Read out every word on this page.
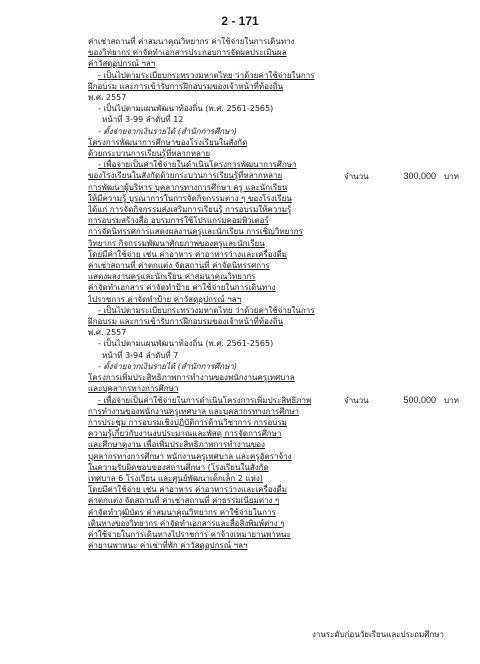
2 - 171
ค่าเช่าสถานที่ ค่าสมนาคุณวิทยากร ค่าใช้จ่ายในการเดินทาง
ของวิทยากร ค่าจัดทำเอกสารประกอบการจัดผลประเมินผล
ค่าวัสดุอุปกรณ์ ฯลฯ
- เป็นไปตามระเบียบกระทรวงมหาดไทย ว่าด้วยค่าใช้จ่ายในการ
ฝึกอบรม และการเข้ารับการฝึกอบรมของเจ้าหน้าที่ท้องถิ่น
พ.ศ. 2557
- เป็นไปตามแผนพัฒนาท้องถิ่น (พ.ศ. 2561-2565)
หน้าที่ 3-99 ลำดับที่ 12
- ตั้งจ่ายจากเงินรายได้ (สำนักการศึกษา)
โครงการพัฒนาการศึกษาของโรงเรียนในสังกัด
ด้วยกระบวนการเรียนรู้ที่หลากหลาย
- เพื่อจ่ายเป็นค่าใช้จ่ายในดำเนินโครงการพัฒนาการศึกษา
ของโรงเรียนในสังกัดด้วยกระบวนการเรียนรู้ที่หลากหลาย
การพัฒนาผู้บริหาร บุคลากรทางการศึกษา ครู และนักเรียน
ให้มีความรู้ บูรณาการในการจัดกิจกรรมต่าง ๆ ของโรงเรียน
ได้แก่ การจัดกิจกรรมส่งเสริมการเรียนรู้ การอบรมให้ความรู้
การอบรมสร้างสื่อ อบรมการใช้โปรแกรมคอมพิวเตอร์
การจัดนิทรรศการแสดงผลงานครูและนักเรียน การเชิญวิทยากร
วิทยากร กิจกรรมพัฒนาศักยภาพของครูและนักเรียน
โดยมีค่าใช้จ่าย เช่น ค่าอาหาร ค่าอาหารว่างและเครื่องดื่ม
ค่าเช่าสถานที่ ค่าตกแต่ง จัดสถานที่ ค่าจัดนิทรรศการ
แสดงผลงานครูและนักเรียน ค่าสมนาคุณวิทยากร
ค่าจัดทำเอกสาร ค่าจัดทำป้าย ค่าใช้จ่ายในการเดินทาง
ไปราชการ ค่าจัดทำป้าย ค่าวัสดุอุปกรณ์ ฯลฯ
- เป็นไปตามระเบียบกระทรวงมหาดไทย ว่าด้วยค่าใช้จ่ายในการ
ฝึกอบรม และการเข้ารับการฝึกอบรมของเจ้าหน้าที่ท้องถิ่น
พ.ศ. 2557
- เป็นไปตามแผนพัฒนาท้องถิ่น (พ.ศ. 2561-2565)
หน้าที่ 3-94 ลำดับที่ 7
- ตั้งจ่ายจากเงินรายได้ (สำนักการศึกษา)
โครงการเพิ่มประสิทธิภาพการทำงานของพนักงานครูเทศบาล
และบุคลากรทางการศึกษา
- เพื่อจ่ายเป็นค่าใช้จ่ายในการดำเนินโครงการเพิ่มประสิทธิภาพ
การทำงานของพนักงานครูเทศบาล และบุคลากรทางการศึกษา
การประชุม การอบรมเชิงปฏิบัติการด้านวิชาการ การอบรม
ความรู้เกี่ยวกับงานงบประมาณและพัสดุ การจัดการศึกษา
และศึกษาดูงาน เพื่อเพิ่มประสิทธิภาพการทำงานของ
บุคลากรทางการศึกษา พนักงานครูเทศบาล และครูอัตราจ้าง
ในความรับผิดชอบของสถานศึกษา (โรงเรียนในสังกัด
เทศบาล 6 โรงเรียน และศูนย์พัฒนาเด็กเล็ก 2 แห่ง)
โดยมีค่าใช้จ่าย เช่น ค่าอาหาร ค่าอาหารว่างและเครื่องดื่ม
ค่าตกแต่ง จัดสถานที่ ค่าเช่าสถานที่ ค่าธรรมเนียมต่าง ๆ
ค่าจัดทำวุฒิบัตร ค่าสมนาคุณวิทยากร ค่าใช้จ่ายในการ
เดินทางของวิทยากร ค่าจัดทำเอกสารและสื่อสิ่งพิมพ์ต่าง ๆ
ค่าใช้จ่ายในการเดินทางไปราชการ ค่าจ้างเหมายานพาหนะ
ค่ายานพาหนะ ค่าเช่าที่พัก ค่าวัสดุอุปกรณ์ ฯลฯ
จำนวน	300,000 บาท
จำนวน	500,000 บาท
งานระดับก่อนวัยเรียนและประถมศึกษา
